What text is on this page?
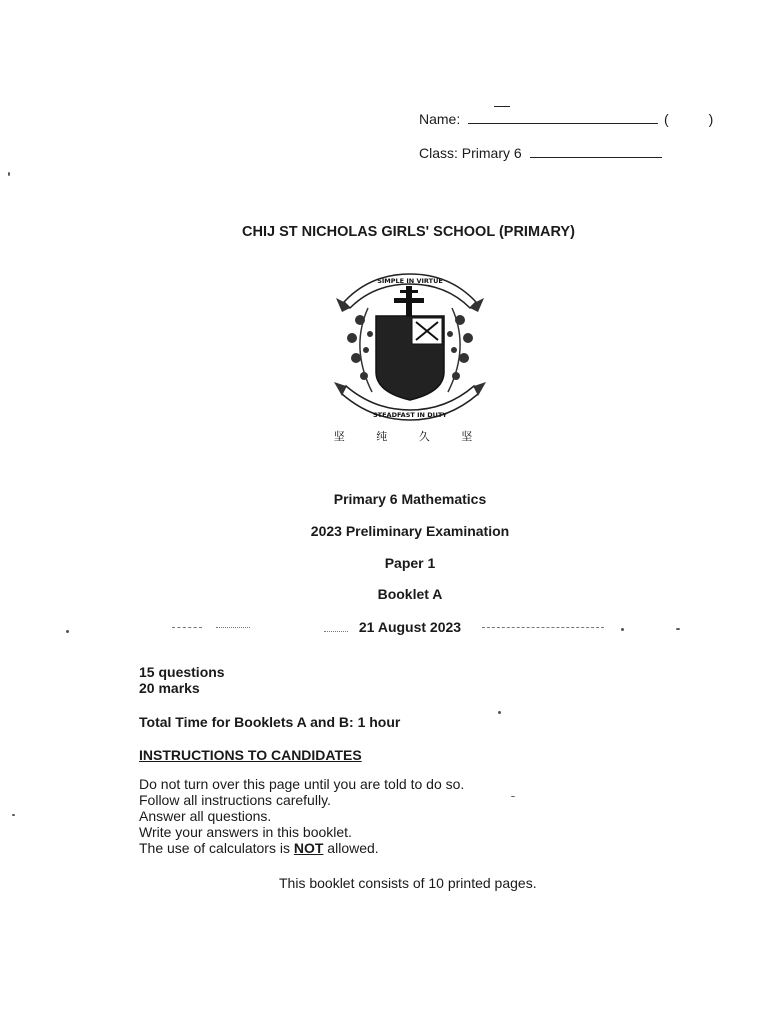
Name:	(	)
Class: Primary 6
CHIJ ST NICHOLAS GIRLS' SCHOOL (PRIMARY)
SIMPLE IN VIRTUE
STEADFAST IN DUTY
坚 纯 久 坚
Primary 6 Mathematics
2023 Preliminary Examination
Paper 1
Booklet A
21 August 2023
15 questions
20 marks
Total Time for Booklets A and B: 1 hour
INSTRUCTIONS TO CANDIDATES
Do not turn over this page until you are told to do so.
Follow all instructions carefully.
Answer all questions.
Write your answers in this booklet.
The use of calculators is NOT allowed.
This booklet consists of 10 printed pages.
